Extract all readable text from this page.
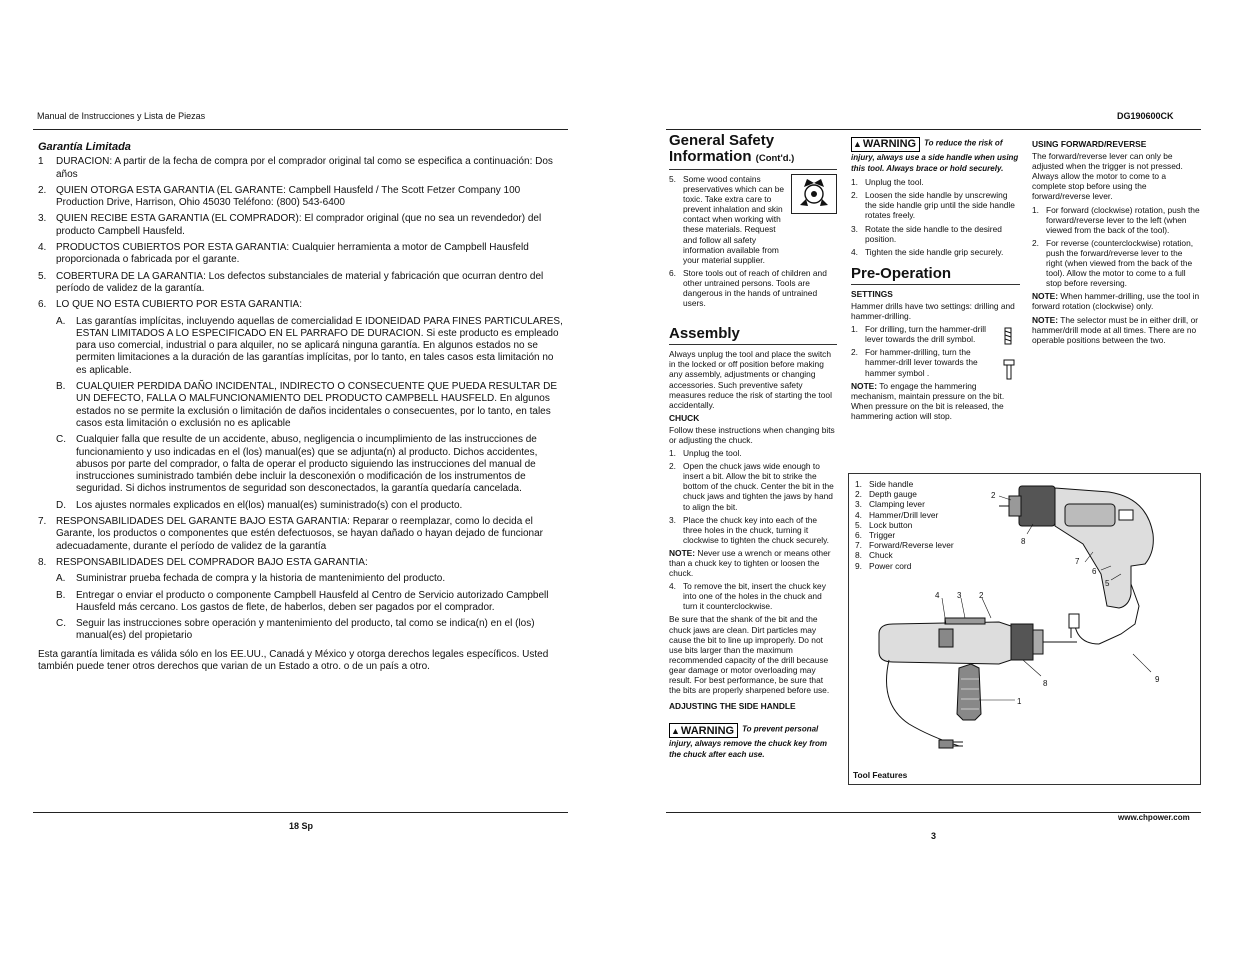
Manual de Instrucciones y Lista de Piezas
Garantía Limitada
1	DURACION: A partir de la fecha de compra por el comprador original tal como se especifica a continuación: Dos años
2. QUIEN OTORGA ESTA GARANTIA (EL GARANTE: Campbell Hausfeld / The Scott Fetzer Company 100 Production Drive, Harrison, Ohio 45030 Teléfono: (800) 543-6400
3. QUIEN RECIBE ESTA GARANTIA (EL COMPRADOR): El comprador original (que no sea un revendedor) del producto Campbell Hausfeld.
4. PRODUCTOS CUBIERTOS POR ESTA GARANTIA: Cualquier herramienta a motor de Campbell Hausfeld proporcionada o fabricada por el garante.
5. COBERTURA DE LA GARANTIA: Los defectos substanciales de material y fabricación que ocurran dentro del período de validez de la garantía.
6. LO QUE NO ESTA CUBIERTO POR ESTA GARANTIA:
A.	Las garantías implícitas, incluyendo aquellas de comercialidad E IDONEIDAD PARA FINES PARTICULARES, ESTAN LIMITADOS A LO ESPECIFICADO EN EL PARRAFO DE DURACION. Si este producto es empleado para uso comercial, industrial o para alquiler, no se aplicará ninguna garantía. En algunos estados no se permiten limitaciones a la duración de las garantías implícitas, por lo tanto, en tales casos esta limitación no es aplicable.
B.	CUALQUIER PERDIDA DAÑO INCIDENTAL, INDIRECTO O CONSECUENTE QUE PUEDA RESULTAR DE UN DEFECTO, FALLA O MALFUNCIONAMIENTO DEL PRODUCTO CAMPBELL HAUSFELD. En algunos estados no se permite la exclusión o limitación de daños incidentales o consecuentes, por lo tanto, en tales casos esta limitación o exclusión no es aplicable
C.	Cualquier falla que resulte de un accidente, abuso, negligencia o incumplimiento de las instrucciones de funcionamiento y uso indicadas en el (los) manual(es) que se adjunta(n) al producto. Dichos accidentes, abusos por parte del comprador, o falta de operar el producto siguiendo las instrucciones del manual de instrucciones suministrado también debe incluir la desconexión o modificación de los instrumentos de seguridad. Si dichos instrumentos de seguridad son desconectados, la garantía quedaría cancelada.
D.	Los ajustes normales explicados en el(los) manual(es) suministrado(s) con el producto.
7. RESPONSABILIDADES DEL GARANTE BAJO ESTA GARANTIA: Reparar o reemplazar, como lo decida el Garante, los productos o componentes que estén defectuosos, se hayan dañado o hayan dejado de funcionar adecuadamente, durante el período de validez de la garantía
8. RESPONSABILIDADES DEL COMPRADOR BAJO ESTA GARANTIA:
A.	Suministrar prueba fechada de compra y la historia de mantenimiento del producto.
B.	Entregar o enviar el producto o componente Campbell Hausfeld al Centro de Servicio autorizado Campbell Hausfeld más cercano. Los gastos de flete, de haberlos, deben ser pagados por el comprador.
C.	Seguir las instrucciones sobre operación y mantenimiento del producto, tal como se indica(n) en el (los) manual(es) del propietario
Esta garantía limitada es válida sólo en los EE.UU., Canadá y México y otorga derechos legales específicos. Usted también puede tener otros derechos que varian de un Estado a otro. o de un país a otro.
18 Sp
DG190600CK
General Safety Information (Cont'd.)
5. Some wood contains preservatives which can be toxic. Take extra care to prevent inhalation and skin contact when working with these materials. Request and follow all safety information available from your material supplier.
6. Store tools out of reach of children and other untrained persons. Tools are dangerous in the hands of untrained users.
Assembly
Always unplug the tool and place the switch in the locked or off position before making any assembly, adjustments or changing accessories. Such preventive safety measures reduce the risk of starting the tool accidentally.
CHUCK
Follow these instructions when changing bits or adjusting the chuck.
1. Unplug the tool.
2. Open the chuck jaws wide enough to insert a bit. Allow the bit to strike the bottom of the chuck. Center the bit in the chuck jaws and tighten the jaws by hand to align the bit.
3. Place the chuck key into each of the three holes in the chuck, turning it clockwise to tighten the chuck securely.
NOTE: Never use a wrench or means other than a chuck key to tighten or loosen the chuck.
4. To remove the bit, insert the chuck key into one of the holes in the chuck and turn it counterclockwise.
Be sure that the shank of the bit and the chuck jaws are clean. Dirt particles may cause the bit to line up improperly. Do not use bits larger than the maximum recommended capacity of the drill because gear damage or motor overloading may result. For best performance, be sure that the bits are properly sharpened before use.
ADJUSTING THE SIDE HANDLE
▲ WARNING To prevent personal injury, always remove the chuck key from the chuck after each use.
▲ WARNING To reduce the risk of injury, always use a side handle when using this tool. Always brace or hold securely.
1. Unplug the tool.
2. Loosen the side handle by unscrewing the side handle grip until the side handle rotates freely.
3. Rotate the side handle to the desired position.
4. Tighten the side handle grip securely.
Pre-Operation
SETTINGS
Hammer drills have two settings: drilling and hammer-drilling.
1. For drilling, turn the hammer-drill lever towards the drill symbol.
2. For hammer-drilling, turn the hammer-drill lever towards the hammer symbol .
NOTE: To engage the hammering mechanism, maintain pressure on the bit. When pressure on the bit is released, the hammering action will stop.
USING FORWARD/REVERSE
The forward/reverse lever can only be adjusted when the trigger is not pressed. Always allow the motor to come to a complete stop before using the forward/reverse lever.
1. For forward (clockwise) rotation, push the forward/reverse lever to the left (when viewed from the back of the tool).
2. For reverse (counterclockwise) rotation, push the forward/reverse lever to the right (when viewed from the back of the tool). Allow the motor to come to a full stop before reversing.
NOTE: When hammer-drilling, use the tool in forward rotation (clockwise) only.
NOTE: The selector must be in either drill, or hammer/drill mode at all times. There are no operable positions between the two.
2
8
7
6
5
4 3 2
8
1
9
1. Side handle
2. Depth gauge
3. Clamping lever
4. Hammer/Drill lever
5. Lock button
6. Trigger
7. Forward/Reverse lever
8. Chuck
9. Power cord
Tool Features
www.chpower.com
3
